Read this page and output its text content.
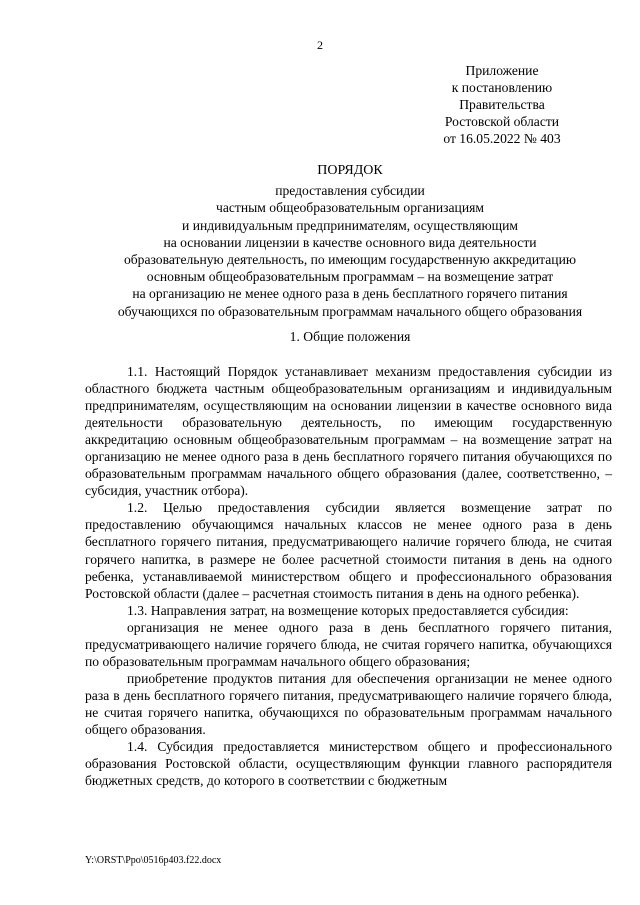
2
Приложение
к постановлению
Правительства
Ростовской области
от 16.05.2022 № 403
ПОРЯДОК
предоставления субсидии
частным общеобразовательным организациям
и индивидуальным предпринимателям, осуществляющим
на основании лицензии в качестве основного вида деятельности
образовательную деятельность, по имеющим государственную аккредитацию
основным общеобразовательным программам – на возмещение затрат
на организацию не менее одного раза в день бесплатного горячего питания
обучающихся по образовательным программам начального общего образования
1. Общие положения

1.1. Настоящий Порядок устанавливает механизм предоставления субсидии из областного бюджета частным общеобразовательным организациям и индивидуальным предпринимателям, осуществляющим на основании лицензии в качестве основного вида деятельности образовательную деятельность, по имеющим государственную аккредитацию основным общеобразовательным программам – на возмещение затрат на организацию не менее одного раза в день бесплатного горячего питания обучающихся по образовательным программам начального общего образования (далее, соответственно, – субсидия, участник отбора).

1.2. Целью предоставления субсидии является возмещение затрат по предоставлению обучающимся начальных классов не менее одного раза в день бесплатного горячего питания, предусматривающего наличие горячего блюда, не считая горячего напитка, в размере не более расчетной стоимости питания в день на одного ребенка, устанавливаемой министерством общего и профессионального образования Ростовской области (далее – расчетная стоимость питания в день на одного ребенка).

1.3. Направления затрат, на возмещение которых предоставляется субсидия:

организация не менее одного раза в день бесплатного горячего питания, предусматривающего наличие горячего блюда, не считая горячего напитка, обучающихся по образовательным программам начального общего образования;

приобретение продуктов питания для обеспечения организации не менее одного раза в день бесплатного горячего питания, предусматривающего наличие горячего блюда, не считая горячего напитка, обучающихся по образовательным программам начального общего образования.

1.4. Субсидия предоставляется министерством общего и профессионального образования Ростовской области, осуществляющим функции главного распорядителя бюджетных средств, до которого в соответствии с бюджетным

Y:\ORST\Ppo\0516p403.f22.docx
